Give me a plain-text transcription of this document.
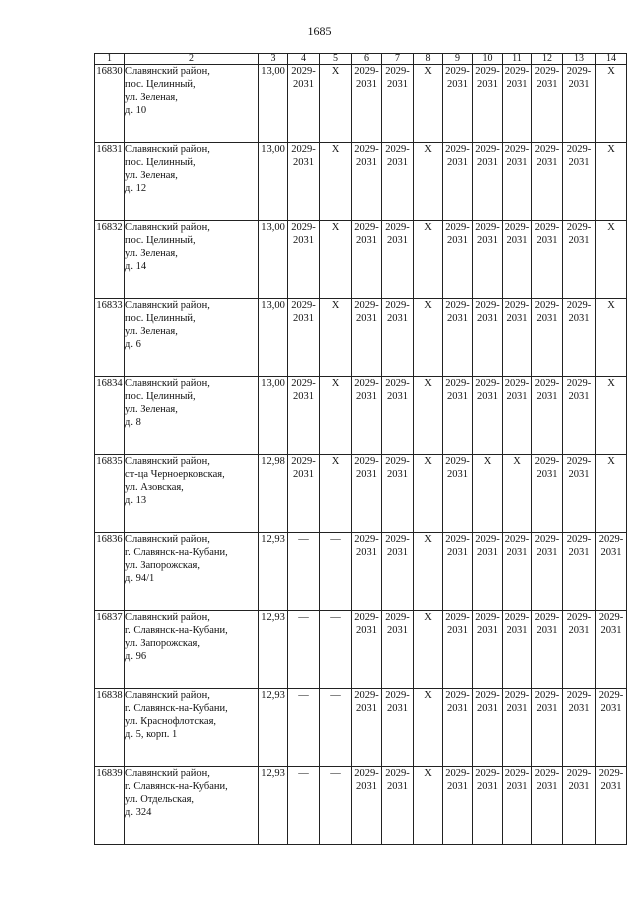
1685
1	2	3	4	5	6	7	8	9	10	11	12	13	14
16830	Славянский район,
пос. Целинный,
ул. Зеленая,
д. 10	13,00	2029-
2031	X	2029-
2031	2029-
2031	X	2029-
2031	2029-
2031	2029-
2031	2029-
2031	2029-
2031	X

16831	Славянский район,
пос. Целинный,
ул. Зеленая,
д. 12	13,00	2029-
2031	X	2029-
2031	2029-
2031	X	2029-
2031	2029-
2031	2029-
2031	2029-
2031	2029-
2031	X

16832	Славянский район,
пос. Целинный,
ул. Зеленая,
д. 14	13,00	2029-
2031	X	2029-
2031	2029-
2031	X	2029-
2031	2029-
2031	2029-
2031	2029-
2031	2029-
2031	X

16833	Славянский район,
пос. Целинный,
ул. Зеленая,
д. 6	13,00	2029-
2031	X	2029-
2031	2029-
2031	X	2029-
2031	2029-
2031	2029-
2031	2029-
2031	2029-
2031	X

16834	Славянский район,
пос. Целинный,
ул. Зеленая,
д. 8	13,00	2029-
2031	X	2029-
2031	2029-
2031	X	2029-
2031	2029-
2031	2029-
2031	2029-
2031	2029-
2031	X

16835	Славянский район,
ст-ца Черноерковская,
ул. Азовская,
д. 13	12,98	2029-
2031	X	2029-
2031	2029-
2031	X	2029-
2031	X	X	2029-
2031	2029-
2031	X

16836	Славянский район,
г. Славянск-на-Кубани,
ул. Запорожская,
д. 94/1	12,93	—	—	2029-
2031	2029-
2031	X	2029-
2031	2029-
2031	2029-
2031	2029-
2031	2029-
2031	2029-
2031

16837	Славянский район,
г. Славянск-на-Кубани,
ул. Запорожская,
д. 96	12,93	—	—	2029-
2031	2029-
2031	X	2029-
2031	2029-
2031	2029-
2031	2029-
2031	2029-
2031	2029-
2031

16838	Славянский район,
г. Славянск-на-Кубани,
ул. Краснофлотская,
д. 5, корп. 1	12,93	—	—	2029-
2031	2029-
2031	X	2029-
2031	2029-
2031	2029-
2031	2029-
2031	2029-
2031	2029-
2031

16839	Славянский район,
г. Славянск-на-Кубани,
ул. Отдельская,
д. 324	12,93	—	—	2029-
2031	2029-
2031	X	2029-
2031	2029-
2031	2029-
2031	2029-
2031	2029-
2031	2029-
2031
